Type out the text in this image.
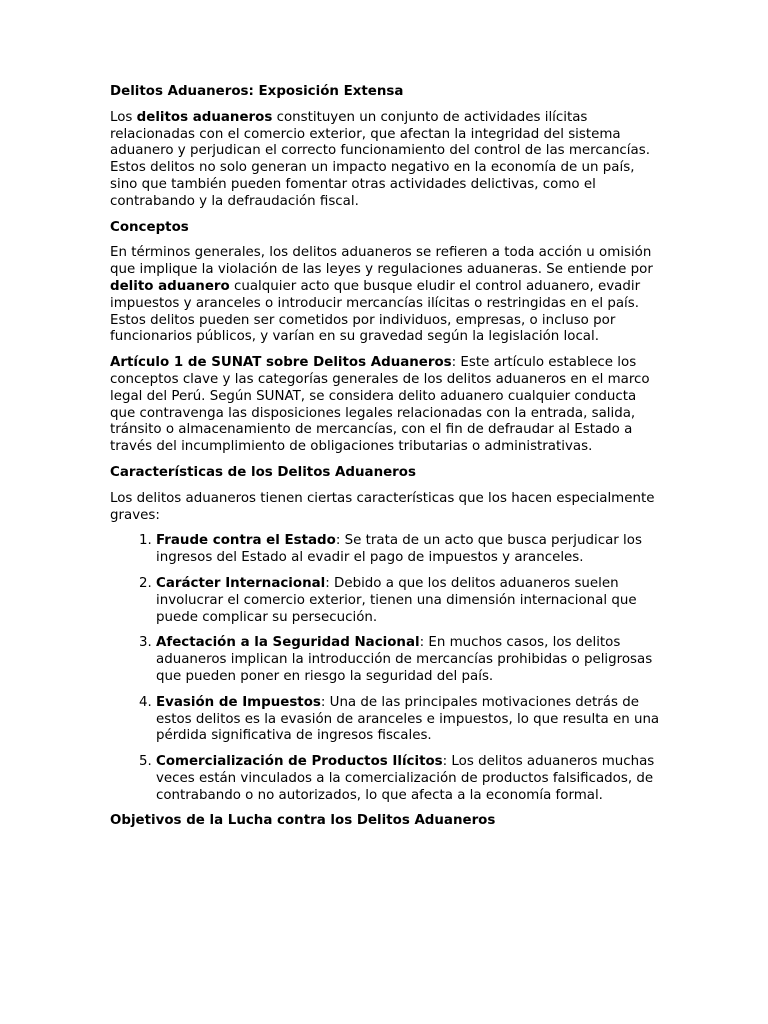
Delitos Aduaneros: Exposición Extensa

Los delitos aduaneros constituyen un conjunto de actividades ilícitas relacionadas con el comercio exterior, que afectan la integridad del sistema aduanero y perjudican el correcto funcionamiento del control de las mercancías. Estos delitos no solo generan un impacto negativo en la economía de un país, sino que también pueden fomentar otras actividades delictivas, como el contrabando y la defraudación fiscal.

Conceptos

En términos generales, los delitos aduaneros se refieren a toda acción u omisión que implique la violación de las leyes y regulaciones aduaneras. Se entiende por delito aduanero cualquier acto que busque eludir el control aduanero, evadir impuestos y aranceles o introducir mercancías ilícitas o restringidas en el país. Estos delitos pueden ser cometidos por individuos, empresas, o incluso por funcionarios públicos, y varían en su gravedad según la legislación local.

Artículo 1 de SUNAT sobre Delitos Aduaneros: Este artículo establece los conceptos clave y las categorías generales de los delitos aduaneros en el marco legal del Perú. Según SUNAT, se considera delito aduanero cualquier conducta que contravenga las disposiciones legales relacionadas con la entrada, salida, tránsito o almacenamiento de mercancías, con el fin de defraudar al Estado a través del incumplimiento de obligaciones tributarias o administrativas.

Características de los Delitos Aduaneros

Los delitos aduaneros tienen ciertas características que los hacen especialmente graves:

1. Fraude contra el Estado: Se trata de un acto que busca perjudicar los ingresos del Estado al evadir el pago de impuestos y aranceles.
2. Carácter Internacional: Debido a que los delitos aduaneros suelen involucrar el comercio exterior, tienen una dimensión internacional que puede complicar su persecución.
3. Afectación a la Seguridad Nacional: En muchos casos, los delitos aduaneros implican la introducción de mercancías prohibidas o peligrosas que pueden poner en riesgo la seguridad del país.
4. Evasión de Impuestos: Una de las principales motivaciones detrás de estos delitos es la evasión de aranceles e impuestos, lo que resulta en una pérdida significativa de ingresos fiscales.
5. Comercialización de Productos Ilícitos: Los delitos aduaneros muchas veces están vinculados a la comercialización de productos falsificados, de contrabando o no autorizados, lo que afecta a la economía formal.
Objetivos de la Lucha contra los Delitos Aduaneros
